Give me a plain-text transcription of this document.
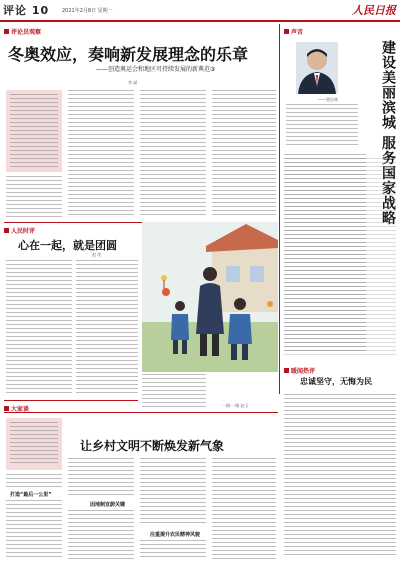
评论 10	2021年2月8日 星期一	人民日报
评论员观察
冬奥效应，奏响新发展理念的乐章
——创造奥运会和地区可持续发展的新典范③
李 斌
声音
——贾庆林	建设美丽滨城 服务国家战略
人民时评
心在一起，就是团圆
赵 奕
一路·一路 赵玉
暖闻热评
忠诚坚守，无悔为民
大家谈
让乡村文明不断焕发新气象
打造“最后一公里”
因地制宜蔚关键
注重提升农民精神风貌
